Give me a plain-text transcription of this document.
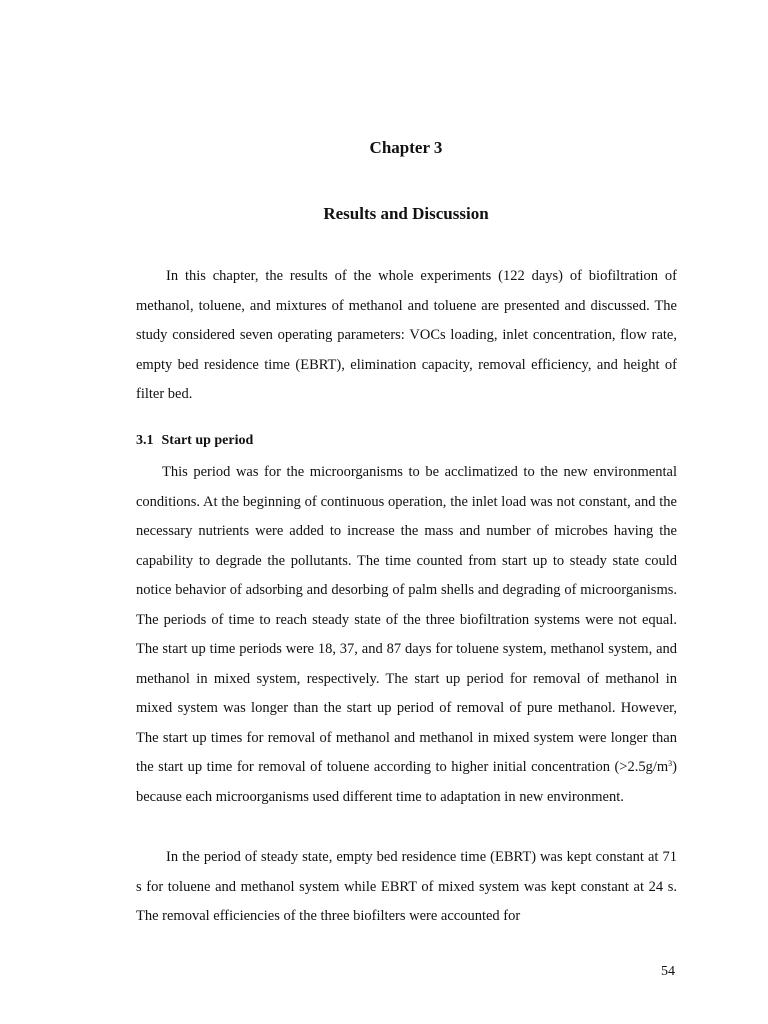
Chapter 3
Results and Discussion

In this chapter, the results of the whole experiments (122 days) of biofiltration of methanol, toluene, and mixtures of methanol and toluene are presented and discussed. The study considered seven operating parameters: VOCs loading, inlet concentration, flow rate, empty bed residence time (EBRT), elimination capacity, removal efficiency, and height of filter bed.

3.1 Start up period

This period was for the microorganisms to be acclimatized to the new environmental conditions. At the beginning of continuous operation, the inlet load was not constant, and the necessary nutrients were added to increase the mass and number of microbes having the capability to degrade the pollutants. The time counted from start up to steady state could notice behavior of adsorbing and desorbing of palm shells and degrading of microorganisms. The periods of time to reach steady state of the three biofiltration systems were not equal. The start up time periods were 18, 37, and 87 days for toluene system, methanol system, and methanol in mixed system, respectively. The start up period for removal of methanol in mixed system was longer than the start up period of removal of pure methanol. However, The start up times for removal of methanol and methanol in mixed system were longer than the start up time for removal of toluene according to higher initial concentration $(>2.5g/m^3)$ because each microorganisms used different time to adaptation in new environment.

In the period of steady state, empty bed residence time (EBRT) was kept constant at 71 s for toluene and methanol system while EBRT of mixed system was kept constant at 24 s. The removal efficiencies of the three biofilters were accounted for

54
